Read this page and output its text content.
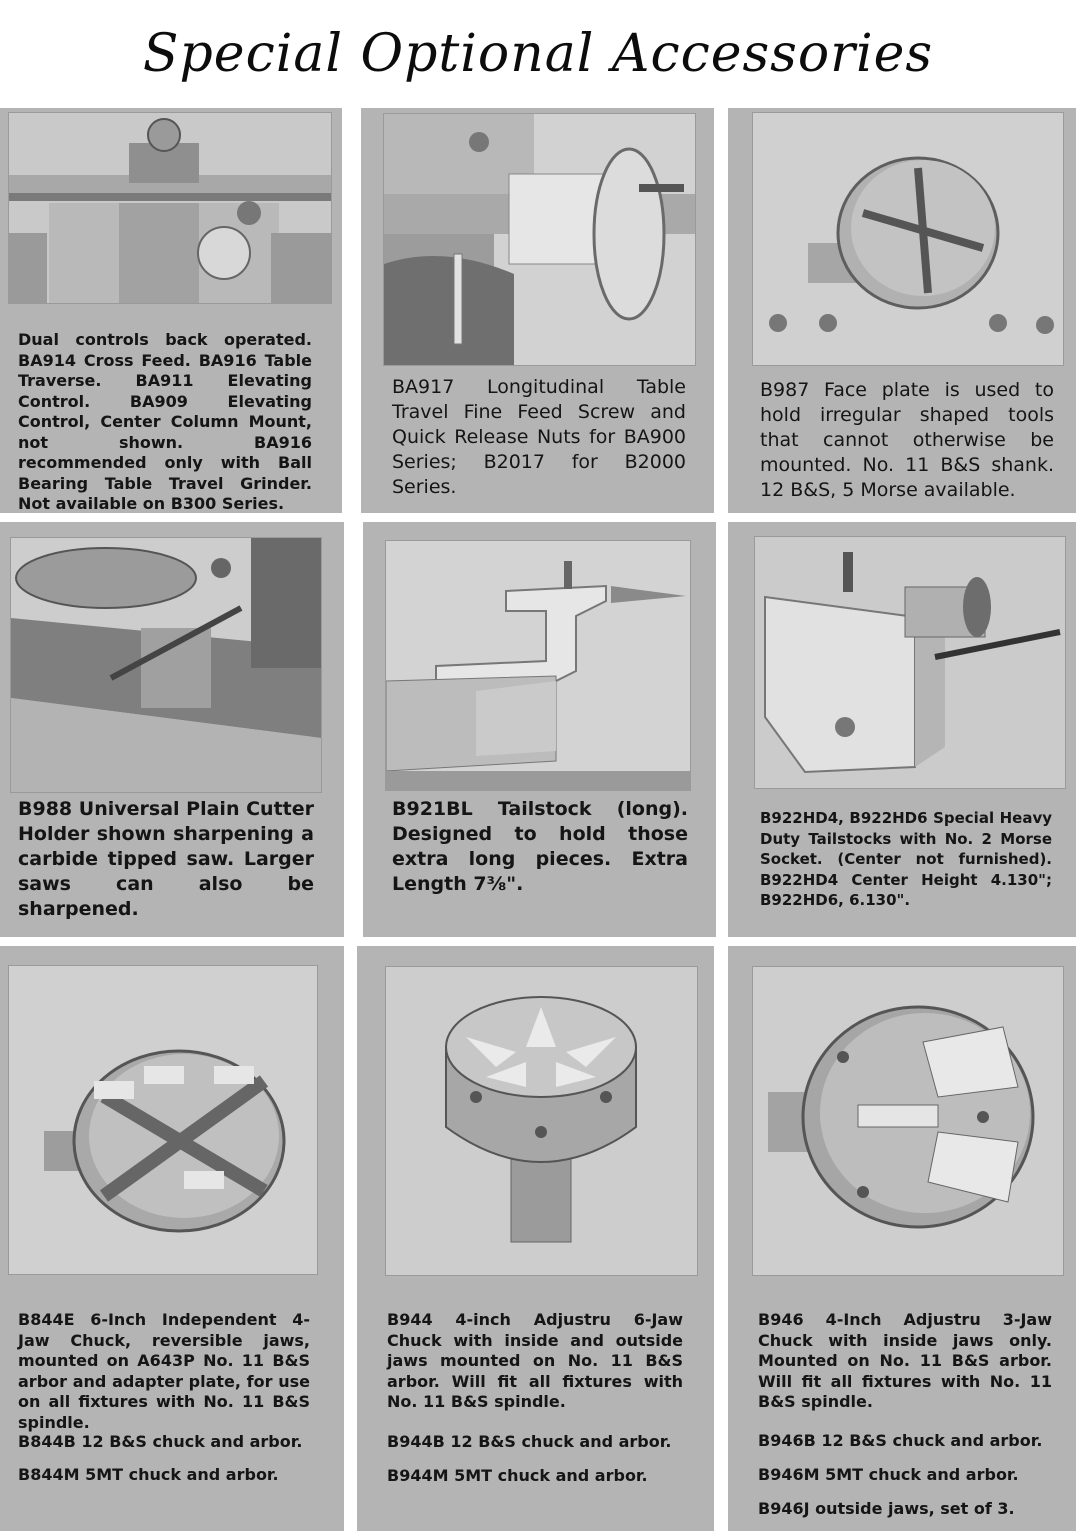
Special Optional Accessories
Dual controls back operated. BA914 Cross Feed. BA916 Table Traverse. BA911 Elevating Control. BA909 Elevating Control, Center Column Mount, not shown. BA916 recommended only with Ball Bearing Table Travel Grinder. Not available on B300 Series.
BA917 Longitudinal Table Travel Fine Feed Screw and Quick Release Nuts for BA900 Series; B2017 for B2000 Series.
B987 Face plate is used to hold irregular shaped tools that cannot otherwise be mounted. No. 11 B&S shank. 12 B&S, 5 Morse available.
B988 Universal Plain Cutter Holder shown sharpening a carbide tipped saw. Larger saws can also be sharpened.
B921BL Tailstock (long). Designed to hold those extra long pieces. Extra Length 7⅜".
B922HD4, B922HD6 Special Heavy Duty Tailstocks with No. 2 Morse Socket. (Center not furnished). B922HD4 Center Height 4.130"; B922HD6, 6.130".
B844E 6-Inch Independent 4-Jaw Chuck, reversible jaws, mounted on A643P No. 11 B&S arbor and adapter plate, for use on all fixtures with No. 11 B&S spindle.
B844B 12 B&S chuck and arbor.
B844M 5MT chuck and arbor.
B944 4-inch Adjustru 6-Jaw Chuck with inside and outside jaws mounted on No. 11 B&S arbor. Will fit all fixtures with No. 11 B&S spindle.
B944B 12 B&S chuck and arbor.
B944M 5MT chuck and arbor.
B946 4-Inch Adjustru 3-Jaw Chuck with inside jaws only. Mounted on No. 11 B&S arbor. Will fit all fixtures with No. 11 B&S spindle.
B946B 12 B&S chuck and arbor.
B946M 5MT chuck and arbor.
B946J outside jaws, set of 3.
